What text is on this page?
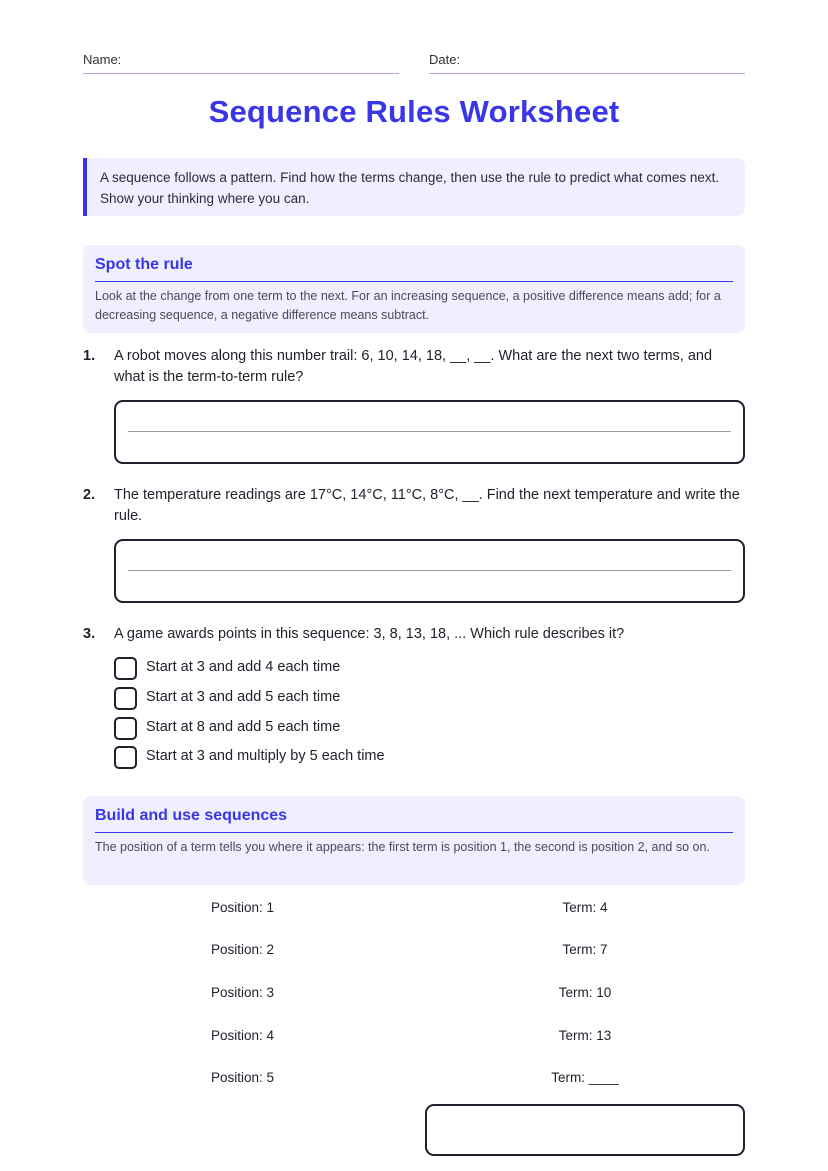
Name:	Date:
Sequence Rules Worksheet
A sequence follows a pattern. Find how the terms change, then use the rule to predict what comes next. Show your thinking where you can.
Spot the rule
Look at the change from one term to the next. For an increasing sequence, a positive difference means add; for a decreasing sequence, a negative difference means subtract.
1. A robot moves along this number trail: 6, 10, 14, 18, __, __. What are the next two terms, and what is the term-to-term rule?
2. The temperature readings are 17°C, 14°C, 11°C, 8°C, __. Find the next temperature and write the rule.
3. A game awards points in this sequence: 3, 8, 13, 18, ... Which rule describes it?
Start at 3 and add 4 each time
Start at 3 and add 5 each time
Start at 8 and add 5 each time
Start at 3 and multiply by 5 each time
Build and use sequences
The position of a term tells you where it appears: the first term is position 1, the second is position 2, and so on.
Position: 1	Term: 4
Position: 2	Term: 7
Position: 3	Term: 10
Position: 4	Term: 13
Position: 5	Term: ____
